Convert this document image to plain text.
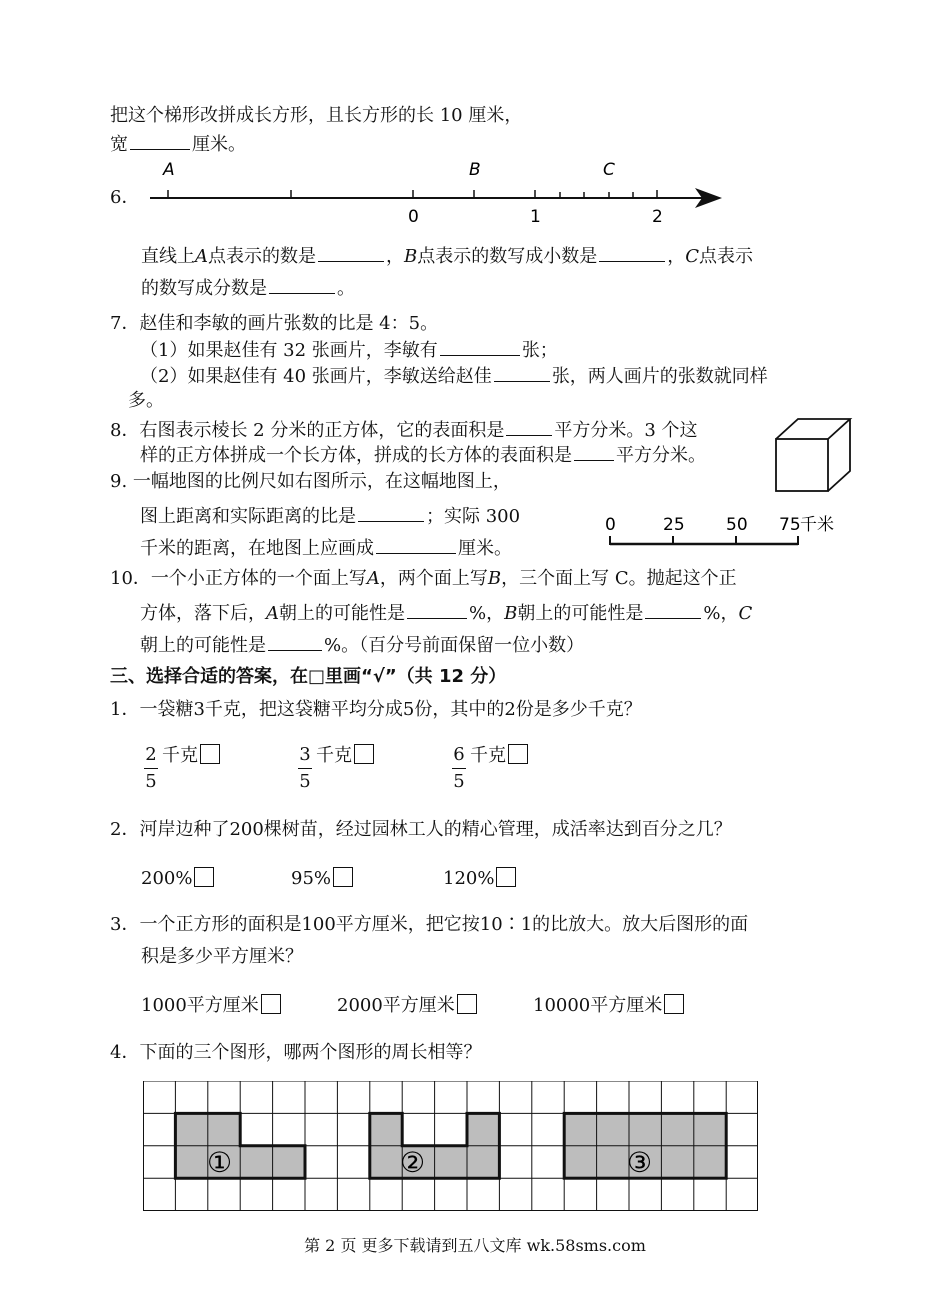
把这个梯形改拼成长方形，且长方形的长 10 厘米，
宽	厘米。
6．
A	B	C
0	1	2
直线上A点表示的数是	，B点表示的数写成小数是	，C点表示
的数写成分数是	。
7．赵佳和李敏的画片张数的比是 4：5。
（1）如果赵佳有 32 张画片，李敏有	张；
（2）如果赵佳有 40 张画片，李敏送给赵佳	张，两人画片的张数就同样
多。
8．右图表示棱长 2 分米的正方体，它的表面积是	平方分米。3 个这
样的正方体拼成一个长方体，拼成的长方体的表面积是 平方分米。
9. 一幅地图的比例尺如右图所示，在这幅地图上，
图上距离和实际距离的比是	；实际 300
千米的距离，在地图上应画成	厘米。
0	25 50 75 千米
10．一个小正方体的一个面上写A，两个面上写B，三个面上写 C。抛起这个正
方体，落下后，A朝上的可能性是	%，B朝上的可能性是	%，C
朝上的可能性是	%。（百分号前面保留一位小数）
三、选择合适的答案，在□里画“√”（共 12 分）
1．一袋糖3千克，把这袋糖平均分成5份，其中的2份是多少千克？
2
5
千克	3
5
千克	6
5
千克
2．河岸边种了200棵树苗，经过园林工人的精心管理，成活率达到百分之几？
200%	95%	120%
3．一个正方形的面积是100平方厘米，把它按10∶1的比放大。放大后图形的面
积是多少平方厘米？
1000平方厘米	2000平方厘米	10000平方厘米
4．下面的三个图形，哪两个图形的周长相等？
①	②	③
第 2 页 更多下载请到五八文库 wk.58sms.com
